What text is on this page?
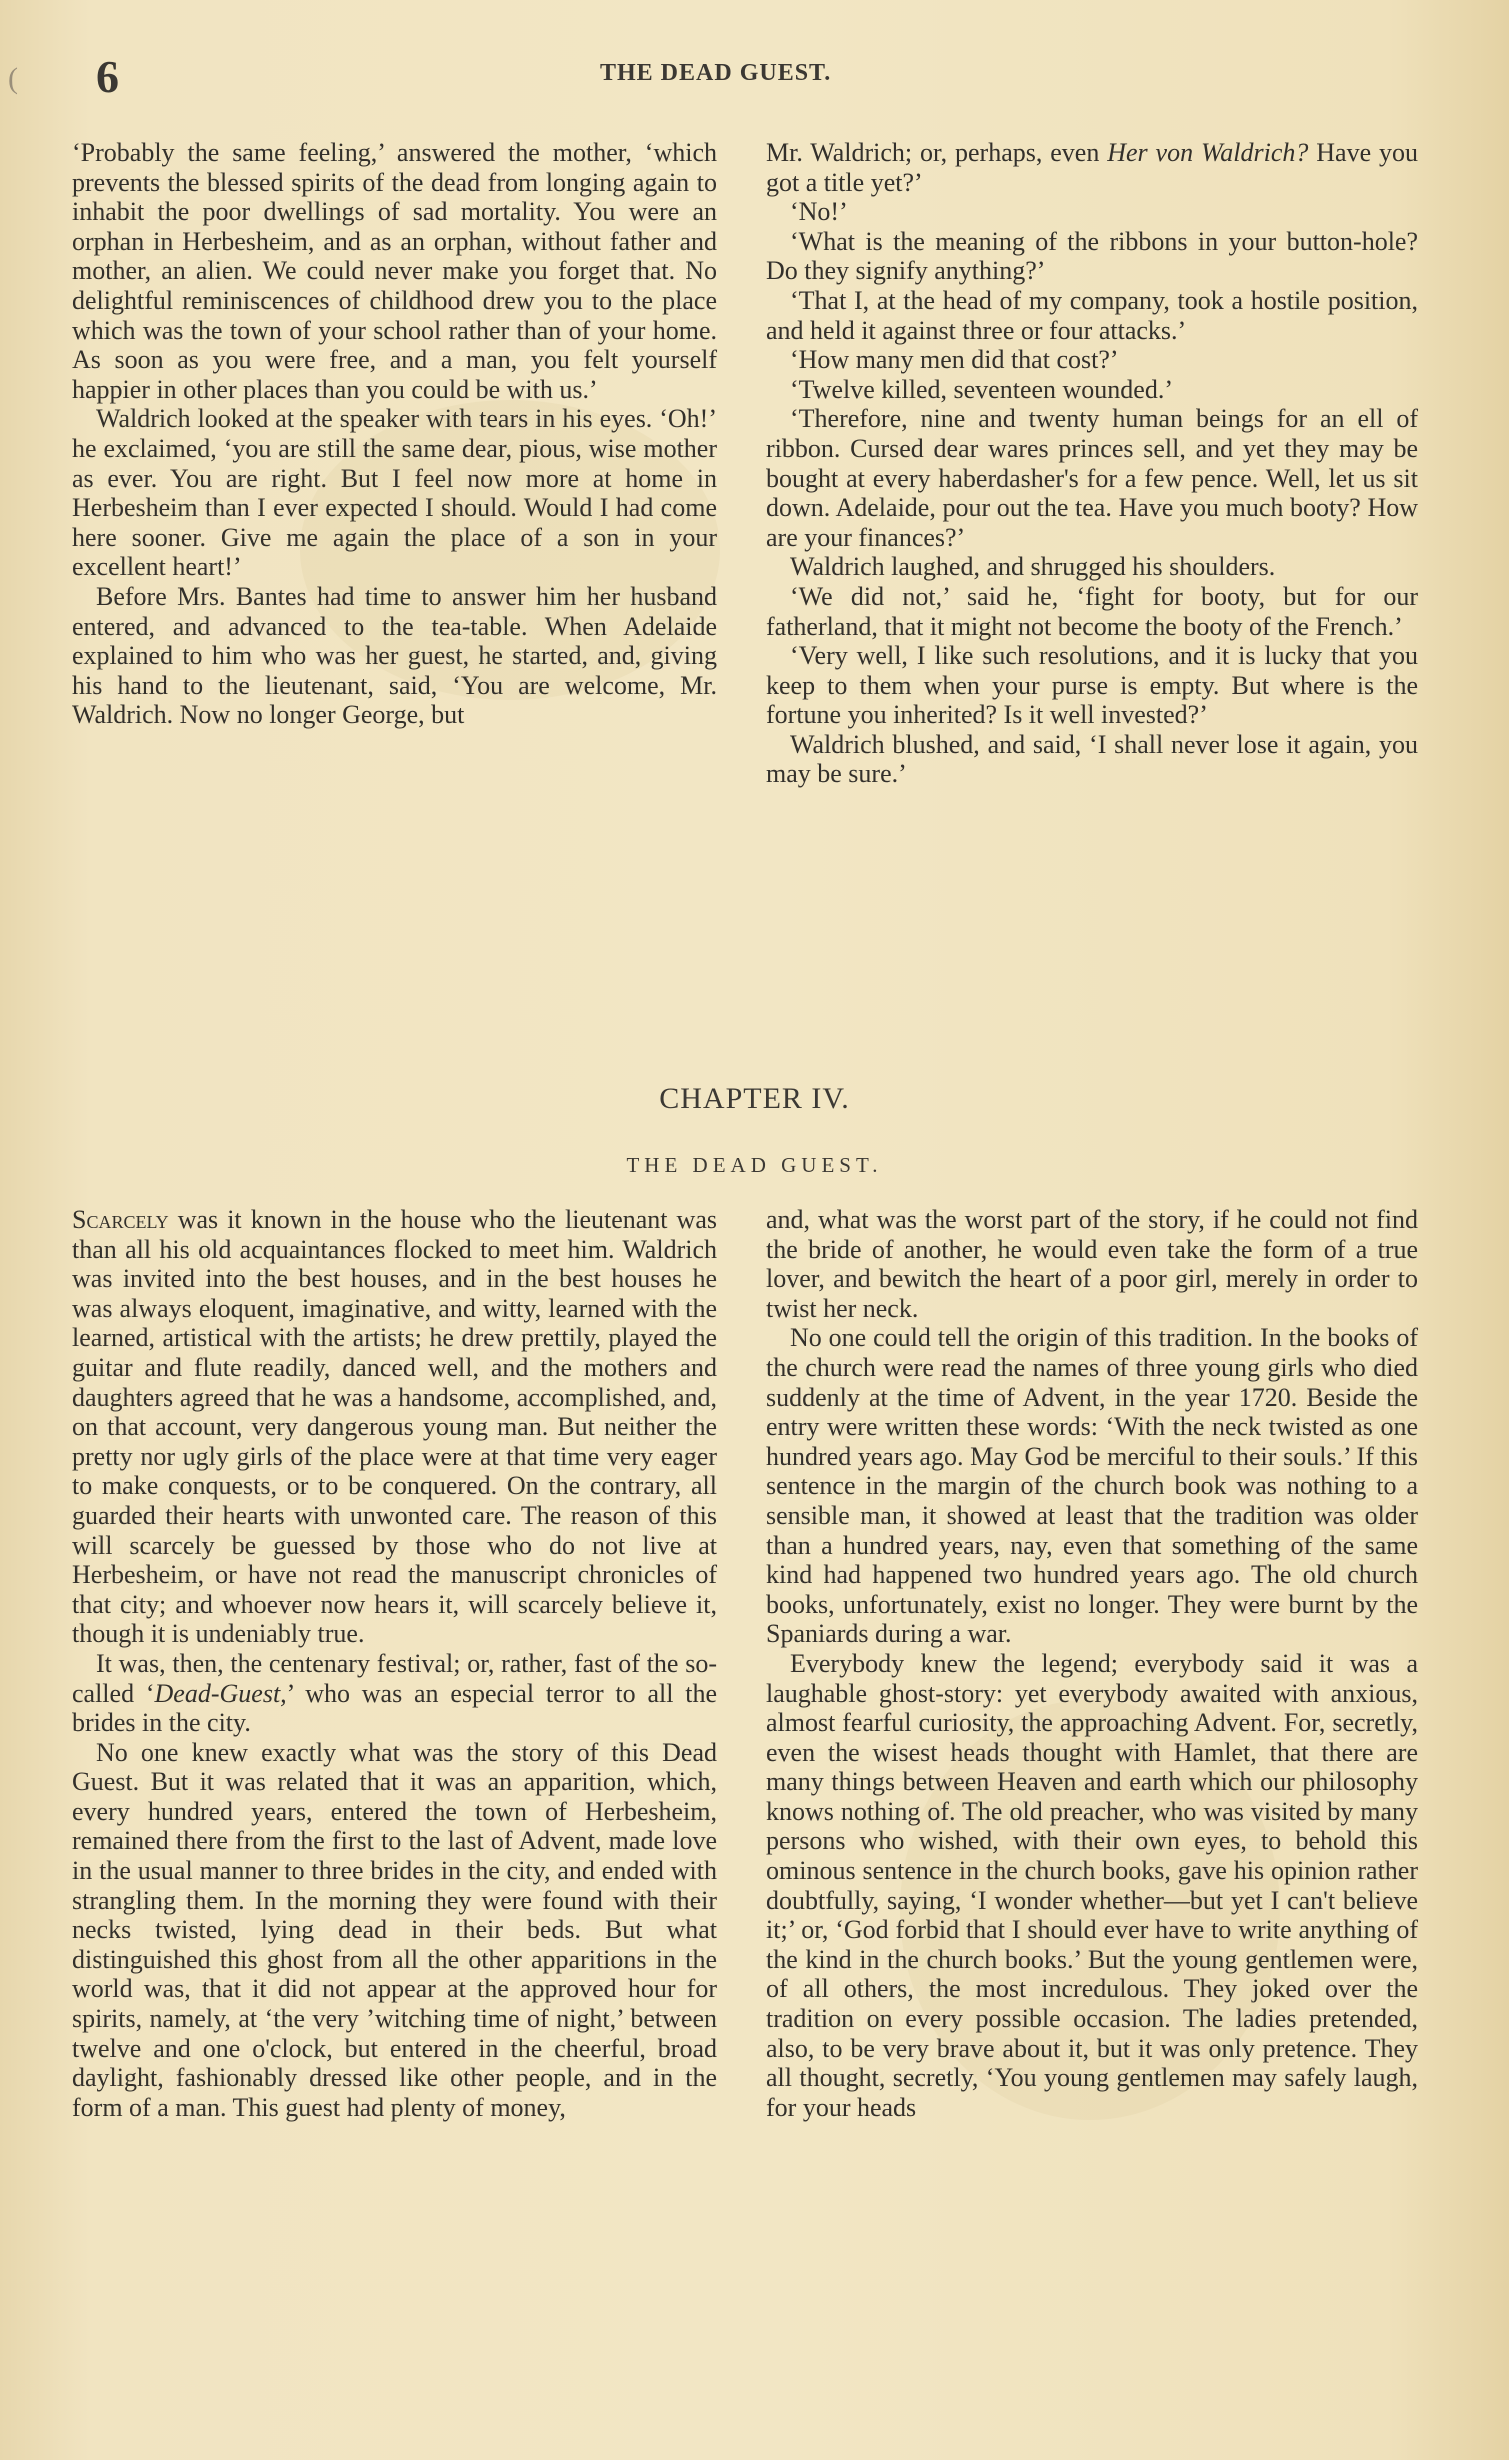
( 6	THE DEAD GUEST.

‘Probably the same feeling,’ answered the mother, ‘which prevents the blessed spirits of the dead from longing again to inhabit the poor dwellings of sad mortality. You were an orphan in Herbesheim, and as an orphan, without father and mother, an alien. We could never make you forget that. No delightful reminiscences of childhood drew you to the place which was the town of your school rather than of your home. As soon as you were free, and a man, you felt yourself happier in other places than you could be with us.’

Waldrich looked at the speaker with tears in his eyes. ‘Oh!’ he exclaimed, ‘you are still the same dear, pious, wise mother as ever. You are right. But I feel now more at home in Herbesheim than I ever expected I should. Would I had come here sooner. Give me again the place of a son in your excellent heart!’

Before Mrs. Bantes had time to answer him her husband entered, and advanced to the tea-table. When Adelaide explained to him who was her guest, he started, and, giving his hand to the lieutenant, said, ‘You are welcome, Mr. Waldrich. Now no longer George, but

Mr. Waldrich; or, perhaps, even Her von Waldrich? Have you got a title yet?’

‘No!’

‘What is the meaning of the ribbons in your button-hole? Do they signify anything?’

‘That I, at the head of my company, took a hostile position, and held it against three or four attacks.’

‘How many men did that cost?’

‘Twelve killed, seventeen wounded.’

‘Therefore, nine and twenty human beings for an ell of ribbon. Cursed dear wares princes sell, and yet they may be bought at every haberdasher's for a few pence. Well, let us sit down. Adelaide, pour out the tea. Have you much booty? How are your finances?’

Waldrich laughed, and shrugged his shoulders.

‘We did not,’ said he, ‘fight for booty, but for our fatherland, that it might not become the booty of the French.’

‘Very well, I like such resolutions, and it is lucky that you keep to them when your purse is empty. But where is the fortune you inherited? Is it well invested?’

Waldrich blushed, and said, ‘I shall never lose it again, you may be sure.’

CHAPTER IV.
THE DEAD GUEST.

Scarcely was it known in the house who the lieutenant was than all his old acquaintances flocked to meet him. Waldrich was invited into the best houses, and in the best houses he was always eloquent, imaginative, and witty, learned with the learned, artistical with the artists; he drew prettily, played the guitar and flute readily, danced well, and the mothers and daughters agreed that he was a handsome, accomplished, and, on that account, very dangerous young man. But neither the pretty nor ugly girls of the place were at that time very eager to make conquests, or to be conquered. On the contrary, all guarded their hearts with unwonted care. The reason of this will scarcely be guessed by those who do not live at Herbesheim, or have not read the manuscript chronicles of that city; and whoever now hears it, will scarcely believe it, though it is undeniably true.

It was, then, the centenary festival; or, rather, fast of the so-called ‘Dead-Guest,’ who was an especial terror to all the brides in the city.

No one knew exactly what was the story of this Dead Guest. But it was related that it was an apparition, which, every hundred years, entered the town of Herbesheim, remained there from the first to the last of Advent, made love in the usual manner to three brides in the city, and ended with strangling them. In the morning they were found with their necks twisted, lying dead in their beds. But what distinguished this ghost from all the other apparitions in the world was, that it did not appear at the approved hour for spirits, namely, at ‘the very ’witching time of night,’ between twelve and one o'clock, but entered in the cheerful, broad daylight, fashionably dressed like other people, and in the form of a man. This guest had plenty of money,

and, what was the worst part of the story, if he could not find the bride of another, he would even take the form of a true lover, and bewitch the heart of a poor girl, merely in order to twist her neck.

No one could tell the origin of this tradition. In the books of the church were read the names of three young girls who died suddenly at the time of Advent, in the year 1720. Beside the entry were written these words: ‘With the neck twisted as one hundred years ago. May God be merciful to their souls.’ If this sentence in the margin of the church book was nothing to a sensible man, it showed at least that the tradition was older than a hundred years, nay, even that something of the same kind had happened two hundred years ago. The old church books, unfortunately, exist no longer. They were burnt by the Spaniards during a war.

Everybody knew the legend; everybody said it was a laughable ghost-story: yet everybody awaited with anxious, almost fearful curiosity, the approaching Advent. For, secretly, even the wisest heads thought with Hamlet, that there are many things between Heaven and earth which our philosophy knows nothing of. The old preacher, who was visited by many persons who wished, with their own eyes, to behold this ominous sentence in the church books, gave his opinion rather doubtfully, saying, ‘I wonder whether—but yet I can't believe it;’ or, ‘God forbid that I should ever have to write anything of the kind in the church books.’ But the young gentlemen were, of all others, the most incredulous. They joked over the tradition on every possible occasion. The ladies pretended, also, to be very brave about it, but it was only pretence. They all thought, secretly, ‘You young gentlemen may safely laugh, for your heads
